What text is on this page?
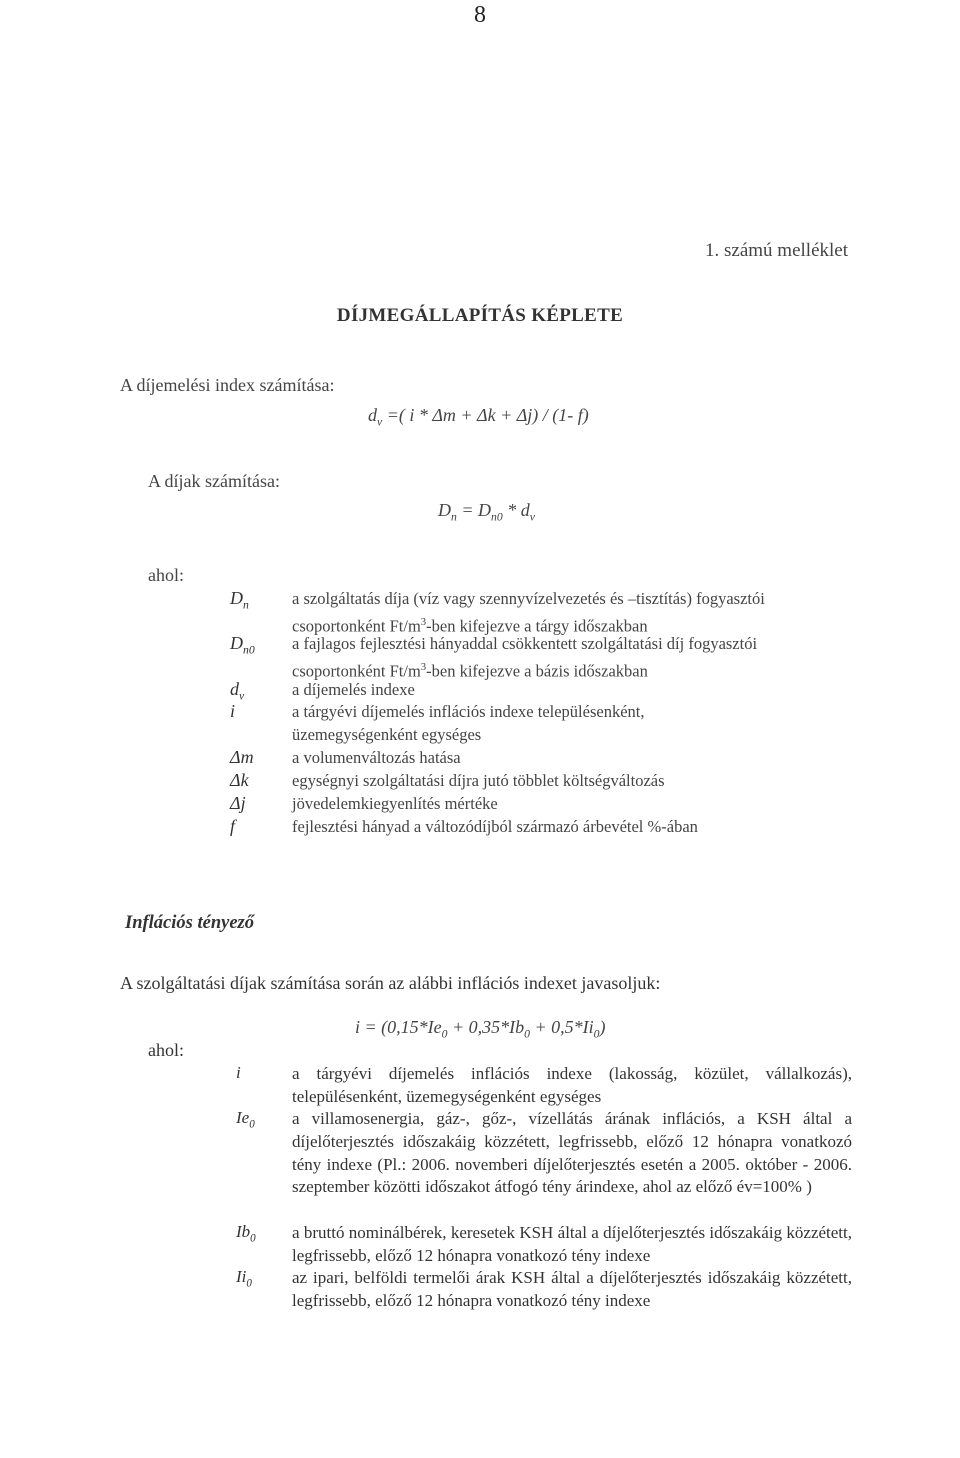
8
1. számú melléklet
DÍJMEGÁLLAPÍTÁS KÉPLETE
A díjemelési index számítása:
$d_v$ =( i * Δm + Δk + Δj) / (1- f)
A díjak számítása:
$D_n = D_{n0} * d_v$
ahol:
$D_n$	a szolgáltatás díja (víz vagy szennyvízelvezetés és –tisztítás) fogyasztói
csoportonként $Ft/m^3$-ben kifejezve a tárgy időszakban
$D_{n0}$ a fajlagos fejlesztési hányaddal csökkentett szolgáltatási díj fogyasztói
csoportonként $Ft/m^3$-ben kifejezve a bázis időszakban
$d_v$	a díjemelés indexe
i	a tárgyévi díjemelés inflációs indexe településenként,
üzemegységenként egységes
Δm a volumenváltozás hatása
Δk	egységnyi szolgáltatási díjra jutó többlet költségváltozás
Δj	jövedelemkiegyenlítés mértéke
f	fejlesztési hányad a változódíjból származó árbevétel %-ában
Inflációs tényező
A szolgáltatási díjak számítása során az alábbi inflációs indexet javasoljuk:
$i = (0,15*Ie_0 + 0,35*Ib_0 + 0,5*Ii_0)$
ahol:
i	a tárgyévi díjemelés inflációs indexe (lakosság, közület, vállalkozás), településenként, üzemegységenként egységes
$Ie_0$ a villamosenergia, gáz-, gőz-, vízellátás árának inflációs, a KSH által a díjelőterjesztés időszakáig közzétett, legfrissebb, előző 12 hónapra vonatkozó tény indexe (Pl.: 2006. novemberi díjelőterjesztés esetén a 2005. október - 2006. szeptember közötti időszakot átfogó tény árindexe, ahol az előző év=100% )
$Ib_0$ a bruttó nominálbérek, keresetek KSH által a díjelőterjesztés időszakáig közzétett, legfrissebb, előző 12 hónapra vonatkozó tény indexe
$Ii_0$ az ipari, belföldi termelői árak KSH által a díjelőterjesztés időszakáig közzétett, legfrissebb, előző 12 hónapra vonatkozó tény indexe
